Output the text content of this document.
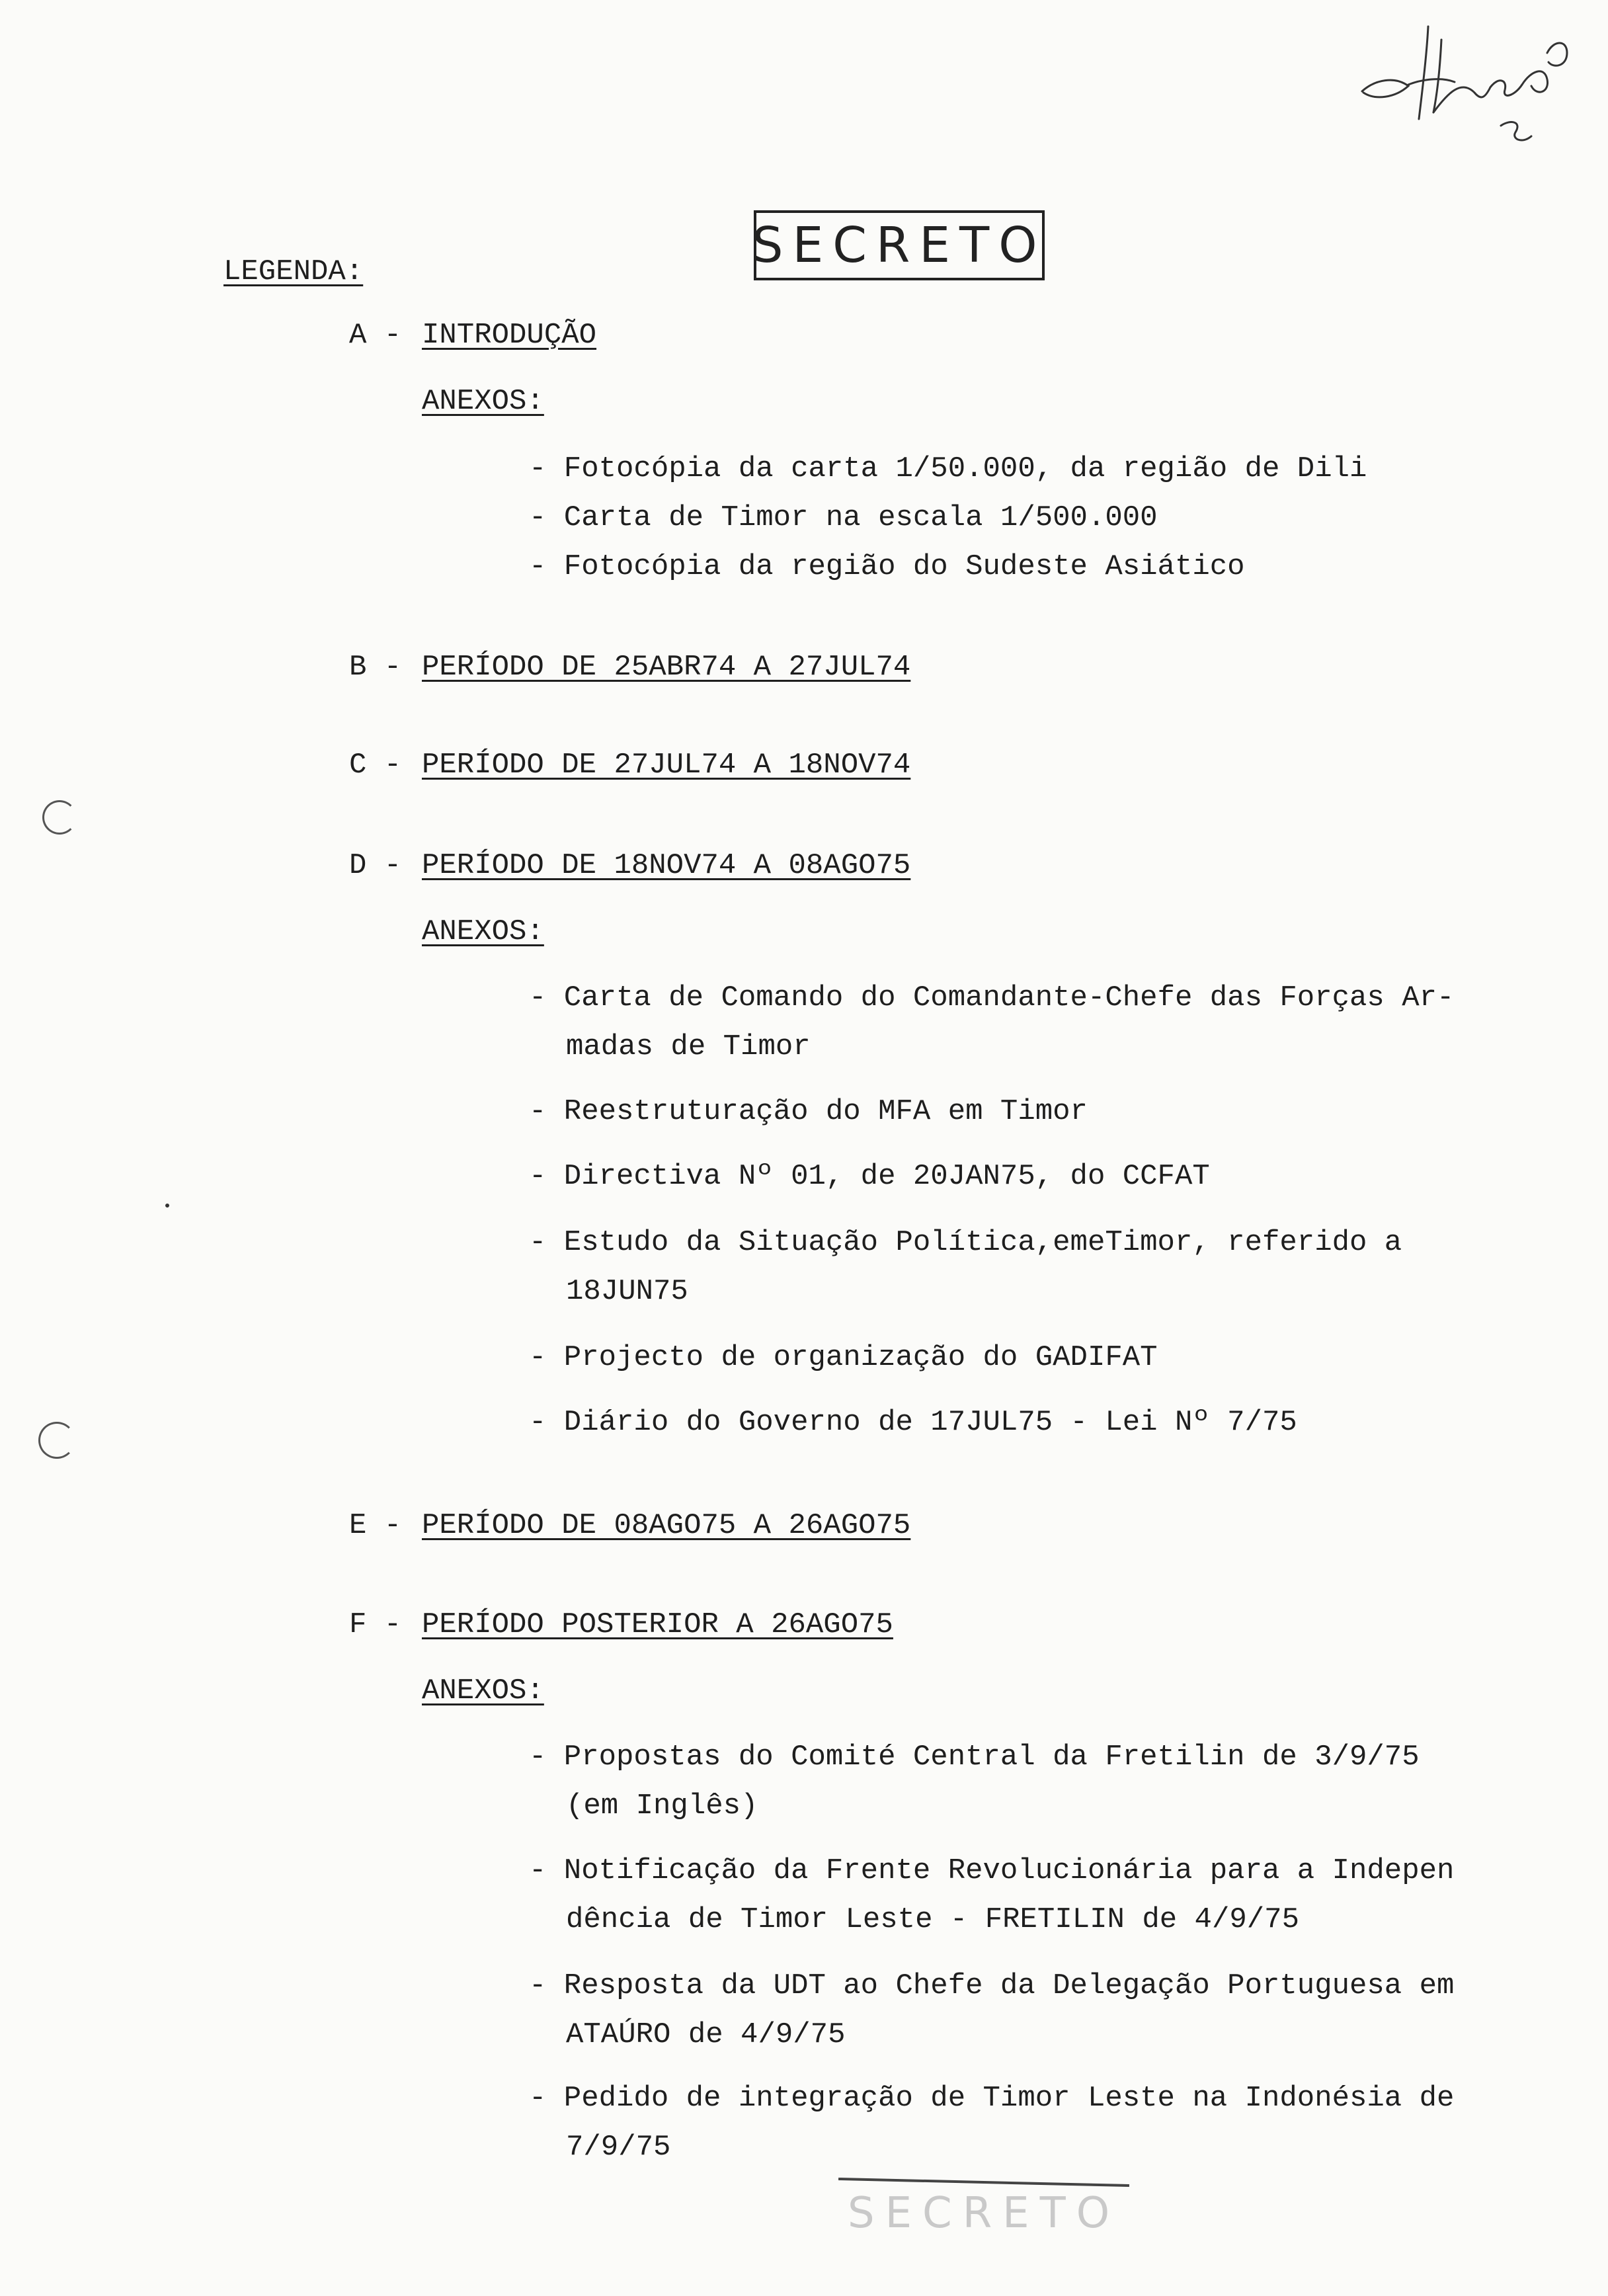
SECRETO
LEGENDA:
A - INTRODUÇÃO
ANEXOS:
- Fotocópia da carta 1/50.000, da região de Dili
- Carta de Timor na escala 1/500.000
- Fotocópia da região do Sudeste Asiático
B - PERÍODO DE 25ABR74 A 27JUL74
C - PERÍODO DE 27JUL74 A 18NOV74
D - PERÍODO DE 18NOV74 A 08AGO75
ANEXOS:
- Carta de Comando do Comandante-Chefe das Forças Ar-
madas de Timor
- Reestruturação do MFA em Timor
- Directiva Nº 01, de 20JAN75, do CCFAT
- Estudo da Situação Política,emeTimor, referido a
18JUN75
- Projecto de organização do GADIFAT
- Diário do Governo de 17JUL75 - Lei Nº 7/75
E - PERÍODO DE 08AGO75 A 26AGO75
F - PERÍODO POSTERIOR A 26AGO75
ANEXOS:
- Propostas do Comité Central da Fretilin de 3/9/75
(em Inglês)
- Notificação da Frente Revolucionária para a Indepen
dência de Timor Leste - FRETILIN de 4/9/75
- Resposta da UDT ao Chefe da Delegação Portuguesa em
ATAÚRO de 4/9/75
- Pedido de integração de Timor Leste na Indonésia de
7/9/75
SECRETO
